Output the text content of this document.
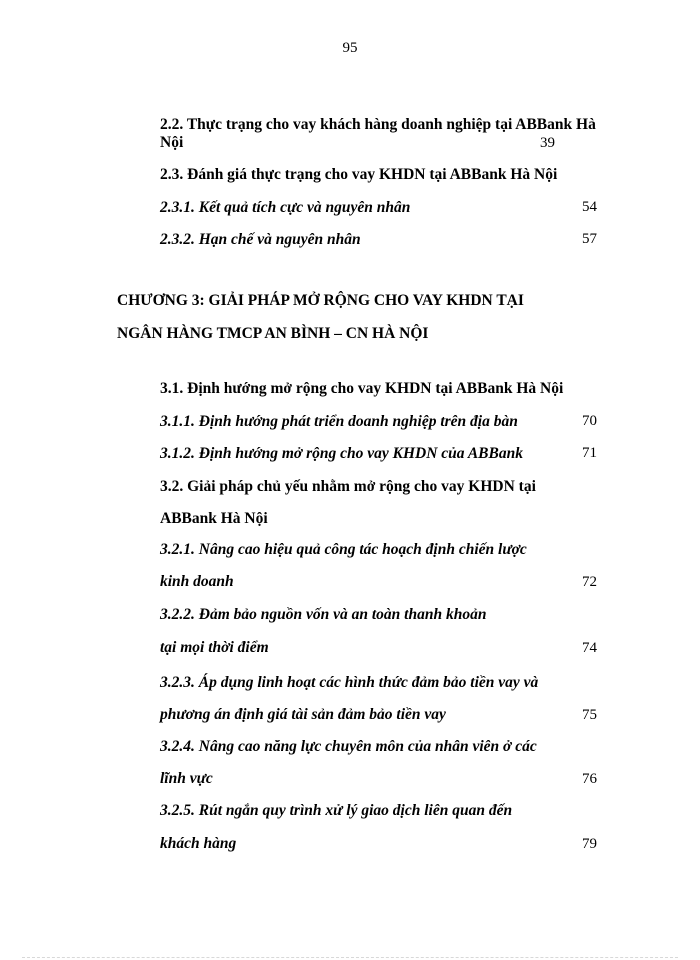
95
2.2. Thực trạng cho vay khách hàng doanh nghiệp tại ABBank Hà
Nội	39
2.3. Đánh giá thực trạng cho vay KHDN tại ABBank Hà Nội
2.3.1. Kết quả tích cực và nguyên nhân	54
2.3.2. Hạn chế và nguyên nhân	57
CHƯƠNG 3: GIẢI PHÁP MỞ RỘNG CHO VAY KHDN TẠI
NGÂN HÀNG TMCP AN BÌNH – CN HÀ NỘI
3.1. Định hướng mở rộng cho vay KHDN tại ABBank Hà Nội
3.1.1. Định hướng phát triển doanh nghiệp trên địa bàn	70
3.1.2. Định hướng mở rộng cho vay KHDN của ABBank	71
3.2. Giải pháp chủ yếu nhằm mở rộng cho vay KHDN tại
ABBank Hà Nội
3.2.1. Nâng cao hiệu quả công tác hoạch định chiến lược
kinh doanh	72
3.2.2. Đảm bảo nguồn vốn và an toàn thanh khoản
tại mọi thời điểm	74
3.2.3. Áp dụng linh hoạt các hình thức đảm bảo tiền vay và
phương án định giá tài sản đảm bảo tiền vay	75
3.2.4. Nâng cao năng lực chuyên môn của nhân viên ở các
lĩnh vực	76
3.2.5. Rút ngắn quy trình xử lý giao dịch liên quan đến
khách hàng	79
